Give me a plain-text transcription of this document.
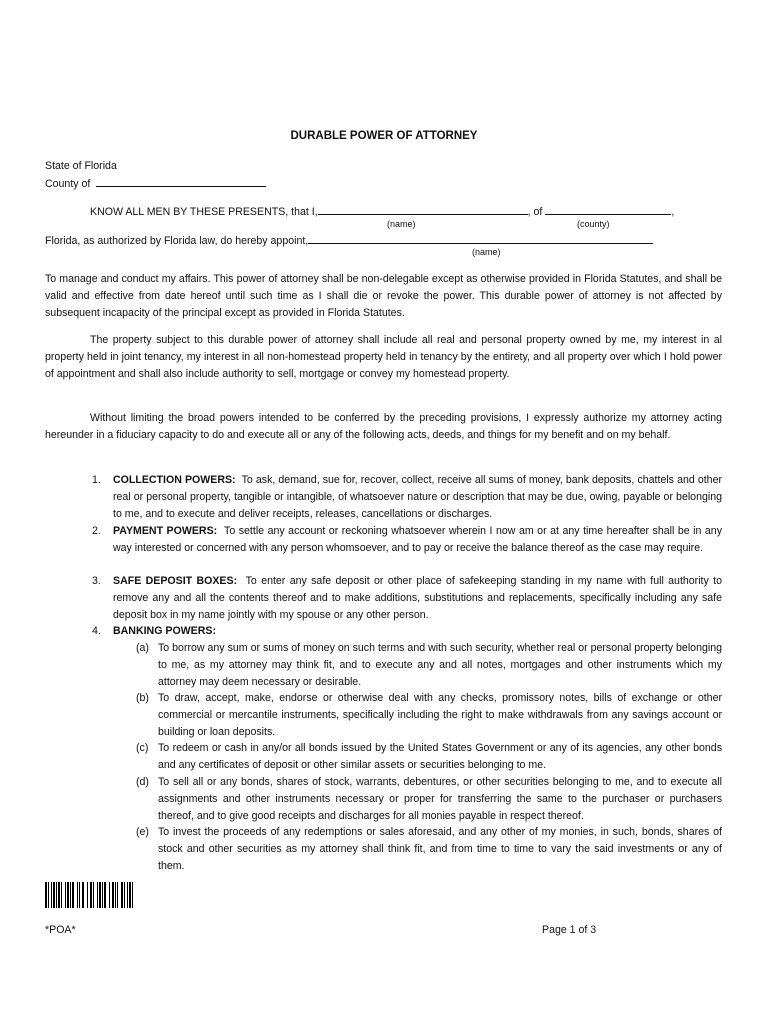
DURABLE POWER OF ATTORNEY
State of Florida
County of
KNOW ALL MEN BY THESE PRESENTS, that I,	, of	,
(name)	(county)
Florida, as authorized by Florida law, do hereby appoint,
(name)
To manage and conduct my affairs. This power of attorney shall be non-delegable except as otherwise provided in Florida Statutes, and shall be valid and effective from date hereof until such time as I shall die or revoke the power. This durable power of attorney is not affected by subsequent incapacity of the principal except as provided in Florida Statutes.
The property subject to this durable power of attorney shall include all real and personal property owned by me, my interest in al property held in joint tenancy, my interest in all non-homestead property held in tenancy by the entirety, and all property over which I hold power of appointment and shall also include authority to sell, mortgage or convey my homestead property.
Without limiting the broad powers intended to be conferred by the preceding provisions, I expressly authorize my attorney acting hereunder in a fiduciary capacity to do and execute all or any of the following acts, deeds, and things for my benefit and on my behalf.
1.	COLLECTION POWERS: To ask, demand, sue for, recover, collect, receive all sums of money, bank deposits, chattels and other real or personal property, tangible or intangible, of whatsoever nature or description that may be due, owing, payable or belonging to me, and to execute and deliver receipts, releases, cancellations or discharges.
2.	PAYMENT POWERS: To settle any account or reckoning whatsoever wherein I now am or at any time hereafter shall be in any way interested or concerned with any person whomsoever, and to pay or receive the balance thereof as the case may require.
3.	SAFE DEPOSIT BOXES: To enter any safe deposit or other place of safekeeping standing in my name with full authority to remove any and all the contents thereof and to make additions, substitutions and replacements, specifically including any safe deposit box in my name jointly with my spouse or any other person.
4.	BANKING POWERS:
(a) To borrow any sum or sums of money on such terms and with such security, whether real or personal property belonging to me, as my attorney may think fit, and to execute any and all notes, mortgages and other instruments which my attorney may deem necessary or desirable.
(b) To draw, accept, make, endorse or otherwise deal with any checks, promissory notes, bills of exchange or other commercial or mercantile instruments, specifically including the right to make withdrawals from any savings account or building or loan deposits.
(c) To redeem or cash in any/or all bonds issued by the United States Government or any of its agencies, any other bonds and any certificates of deposit or other similar assets or securities belonging to me.
(d) To sell all or any bonds, shares of stock, warrants, debentures, or other securities belonging to me, and to execute all assignments and other instruments necessary or proper for transferring the same to the purchaser or purchasers thereof, and to give good receipts and discharges for all monies payable in respect thereof.
(e) To invest the proceeds of any redemptions or sales aforesaid, and any other of my monies, in such, bonds, shares of stock and other securities as my attorney shall think fit, and from time to time to vary the said investments or any of them.
*POA*	Page 1 of 3
